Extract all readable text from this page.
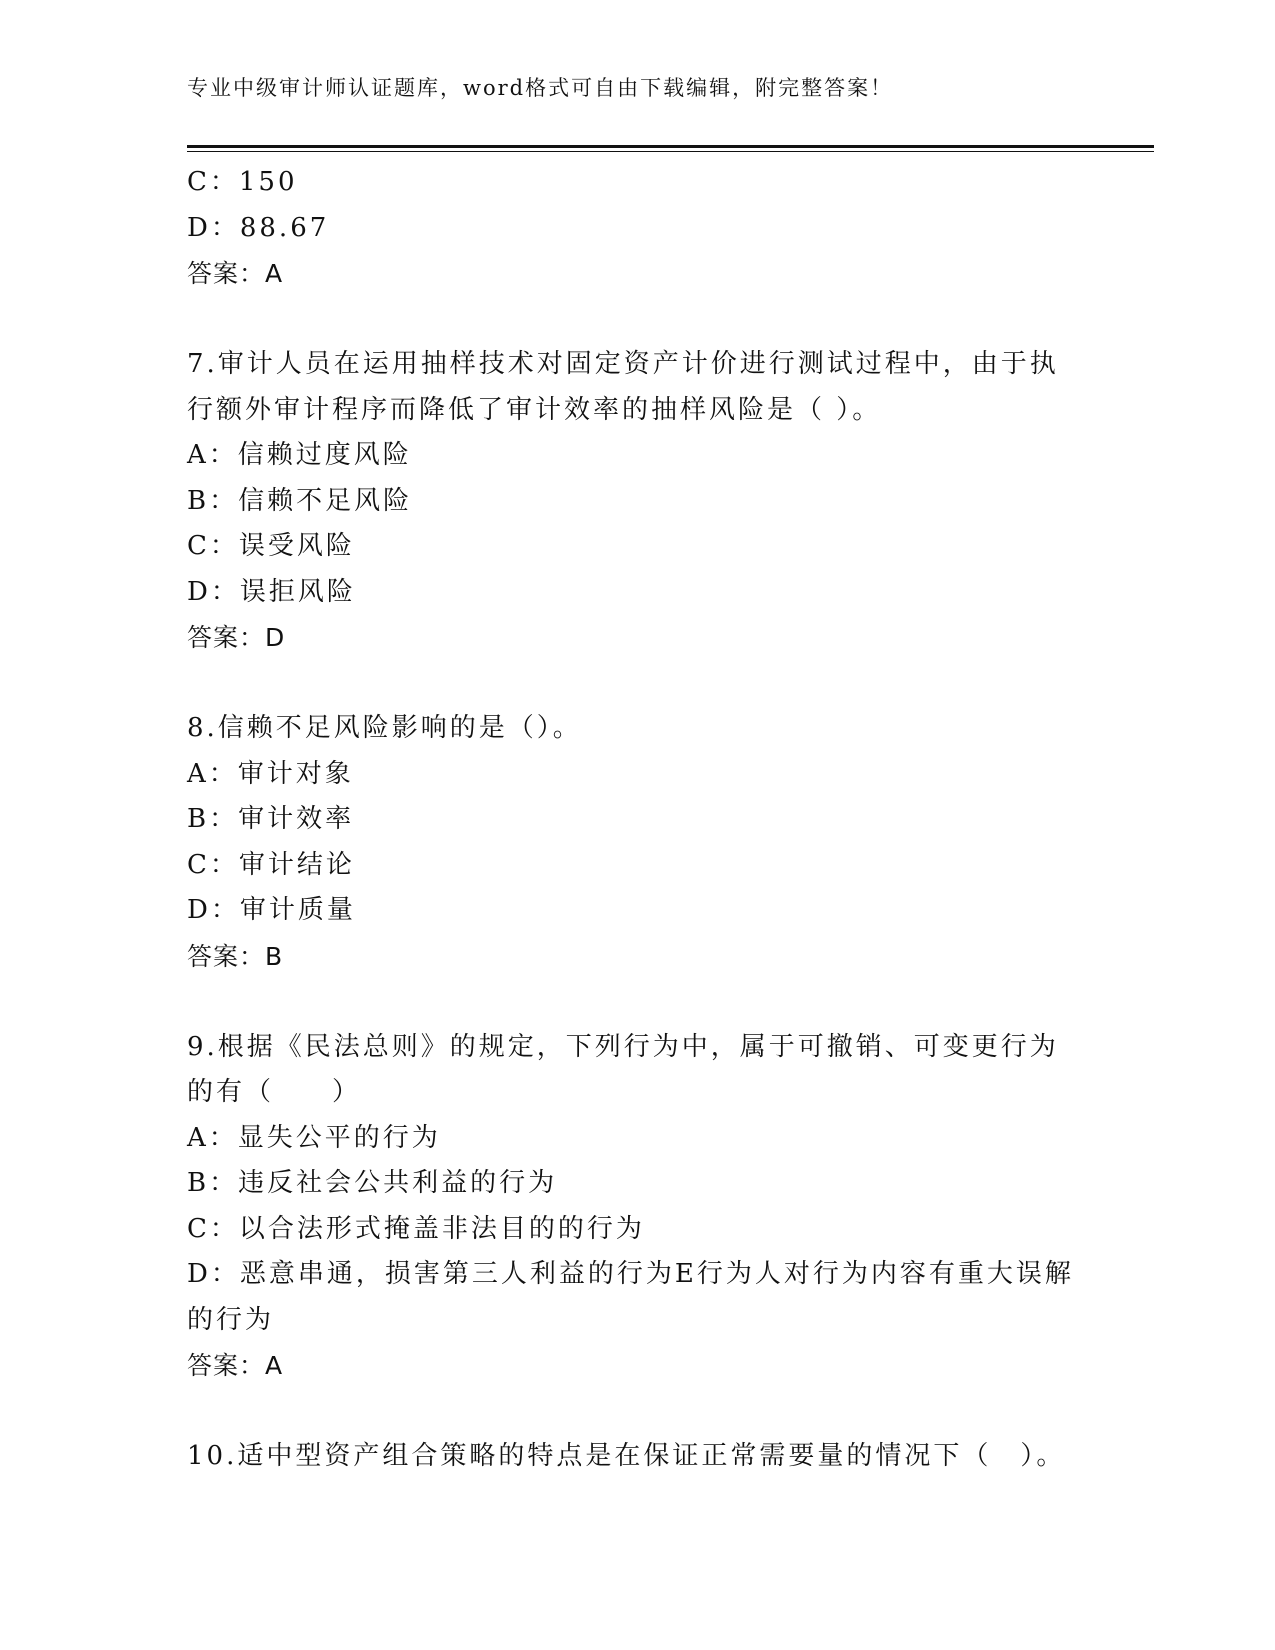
专业中级审计师认证题库，word格式可自由下载编辑，附完整答案！

C：150

D：88.67

答案：A

7.审计人员在运用抽样技术对固定资产计价进行测试过程中，由于执

行额外审计程序而降低了审计效率的抽样风险是（ ）。

A：信赖过度风险

B：信赖不足风险

C：误受风险

D：误拒风险

答案：D

8.信赖不足风险影响的是（）。

A：审计对象

B：审计效率

C：审计结论

D：审计质量

答案：B

9.根据《民法总则》的规定，下列行为中，属于可撤销、可变更行为

的有（　　）

A：显失公平的行为

B：违反社会公共利益的行为

C：以合法形式掩盖非法目的的行为

D：恶意串通，损害第三人利益的行为E行为人对行为内容有重大误解

的行为

答案：A

10.适中型资产组合策略的特点是在保证正常需要量的情况下（　）。
